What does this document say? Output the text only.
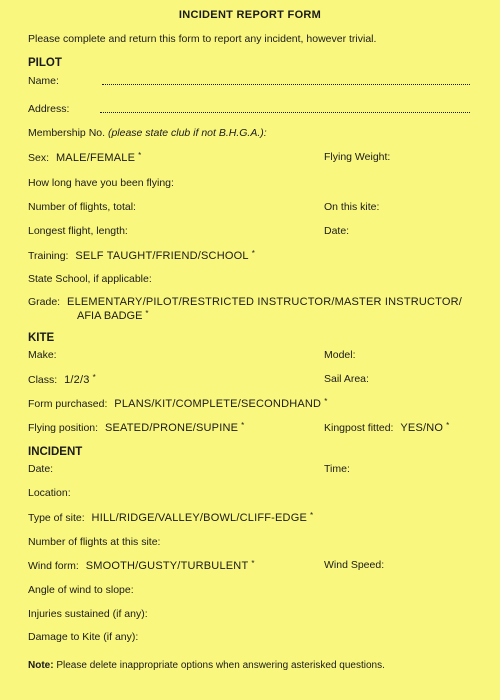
INCIDENT REPORT FORM
Please complete and return this form to report any incident, however trivial.
PILOT
Name:
Address:
Membership No. (please state club if not B.H.G.A.):
Sex: MALE/FEMALE *	Flying Weight:
How long have you been flying:
Number of flights, total:	On this kite:
Longest flight, length:	Date:
Training: SELF TAUGHT/FRIEND/SCHOOL *
State School, if applicable:
Grade: ELEMENTARY/PILOT/RESTRICTED INSTRUCTOR/MASTER INSTRUCTOR/
AFIA BADGE *
KITE
Make:	Model:
Class: 1/2/3 *	Sail Area:
Form purchased: PLANS/KIT/COMPLETE/SECONDHAND *
Flying position: SEATED/PRONE/SUPINE *	Kingpost fitted: YES/NO *
INCIDENT
Date:	Time:
Location:
Type of site: HILL/RIDGE/VALLEY/BOWL/CLIFF-EDGE *
Number of flights at this site:
Wind form: SMOOTH/GUSTY/TURBULENT *	Wind Speed:
Angle of wind to slope:
Injuries sustained (if any):
Damage to Kite (if any):
Note: Please delete inappropriate options when answering asterisked questions.
